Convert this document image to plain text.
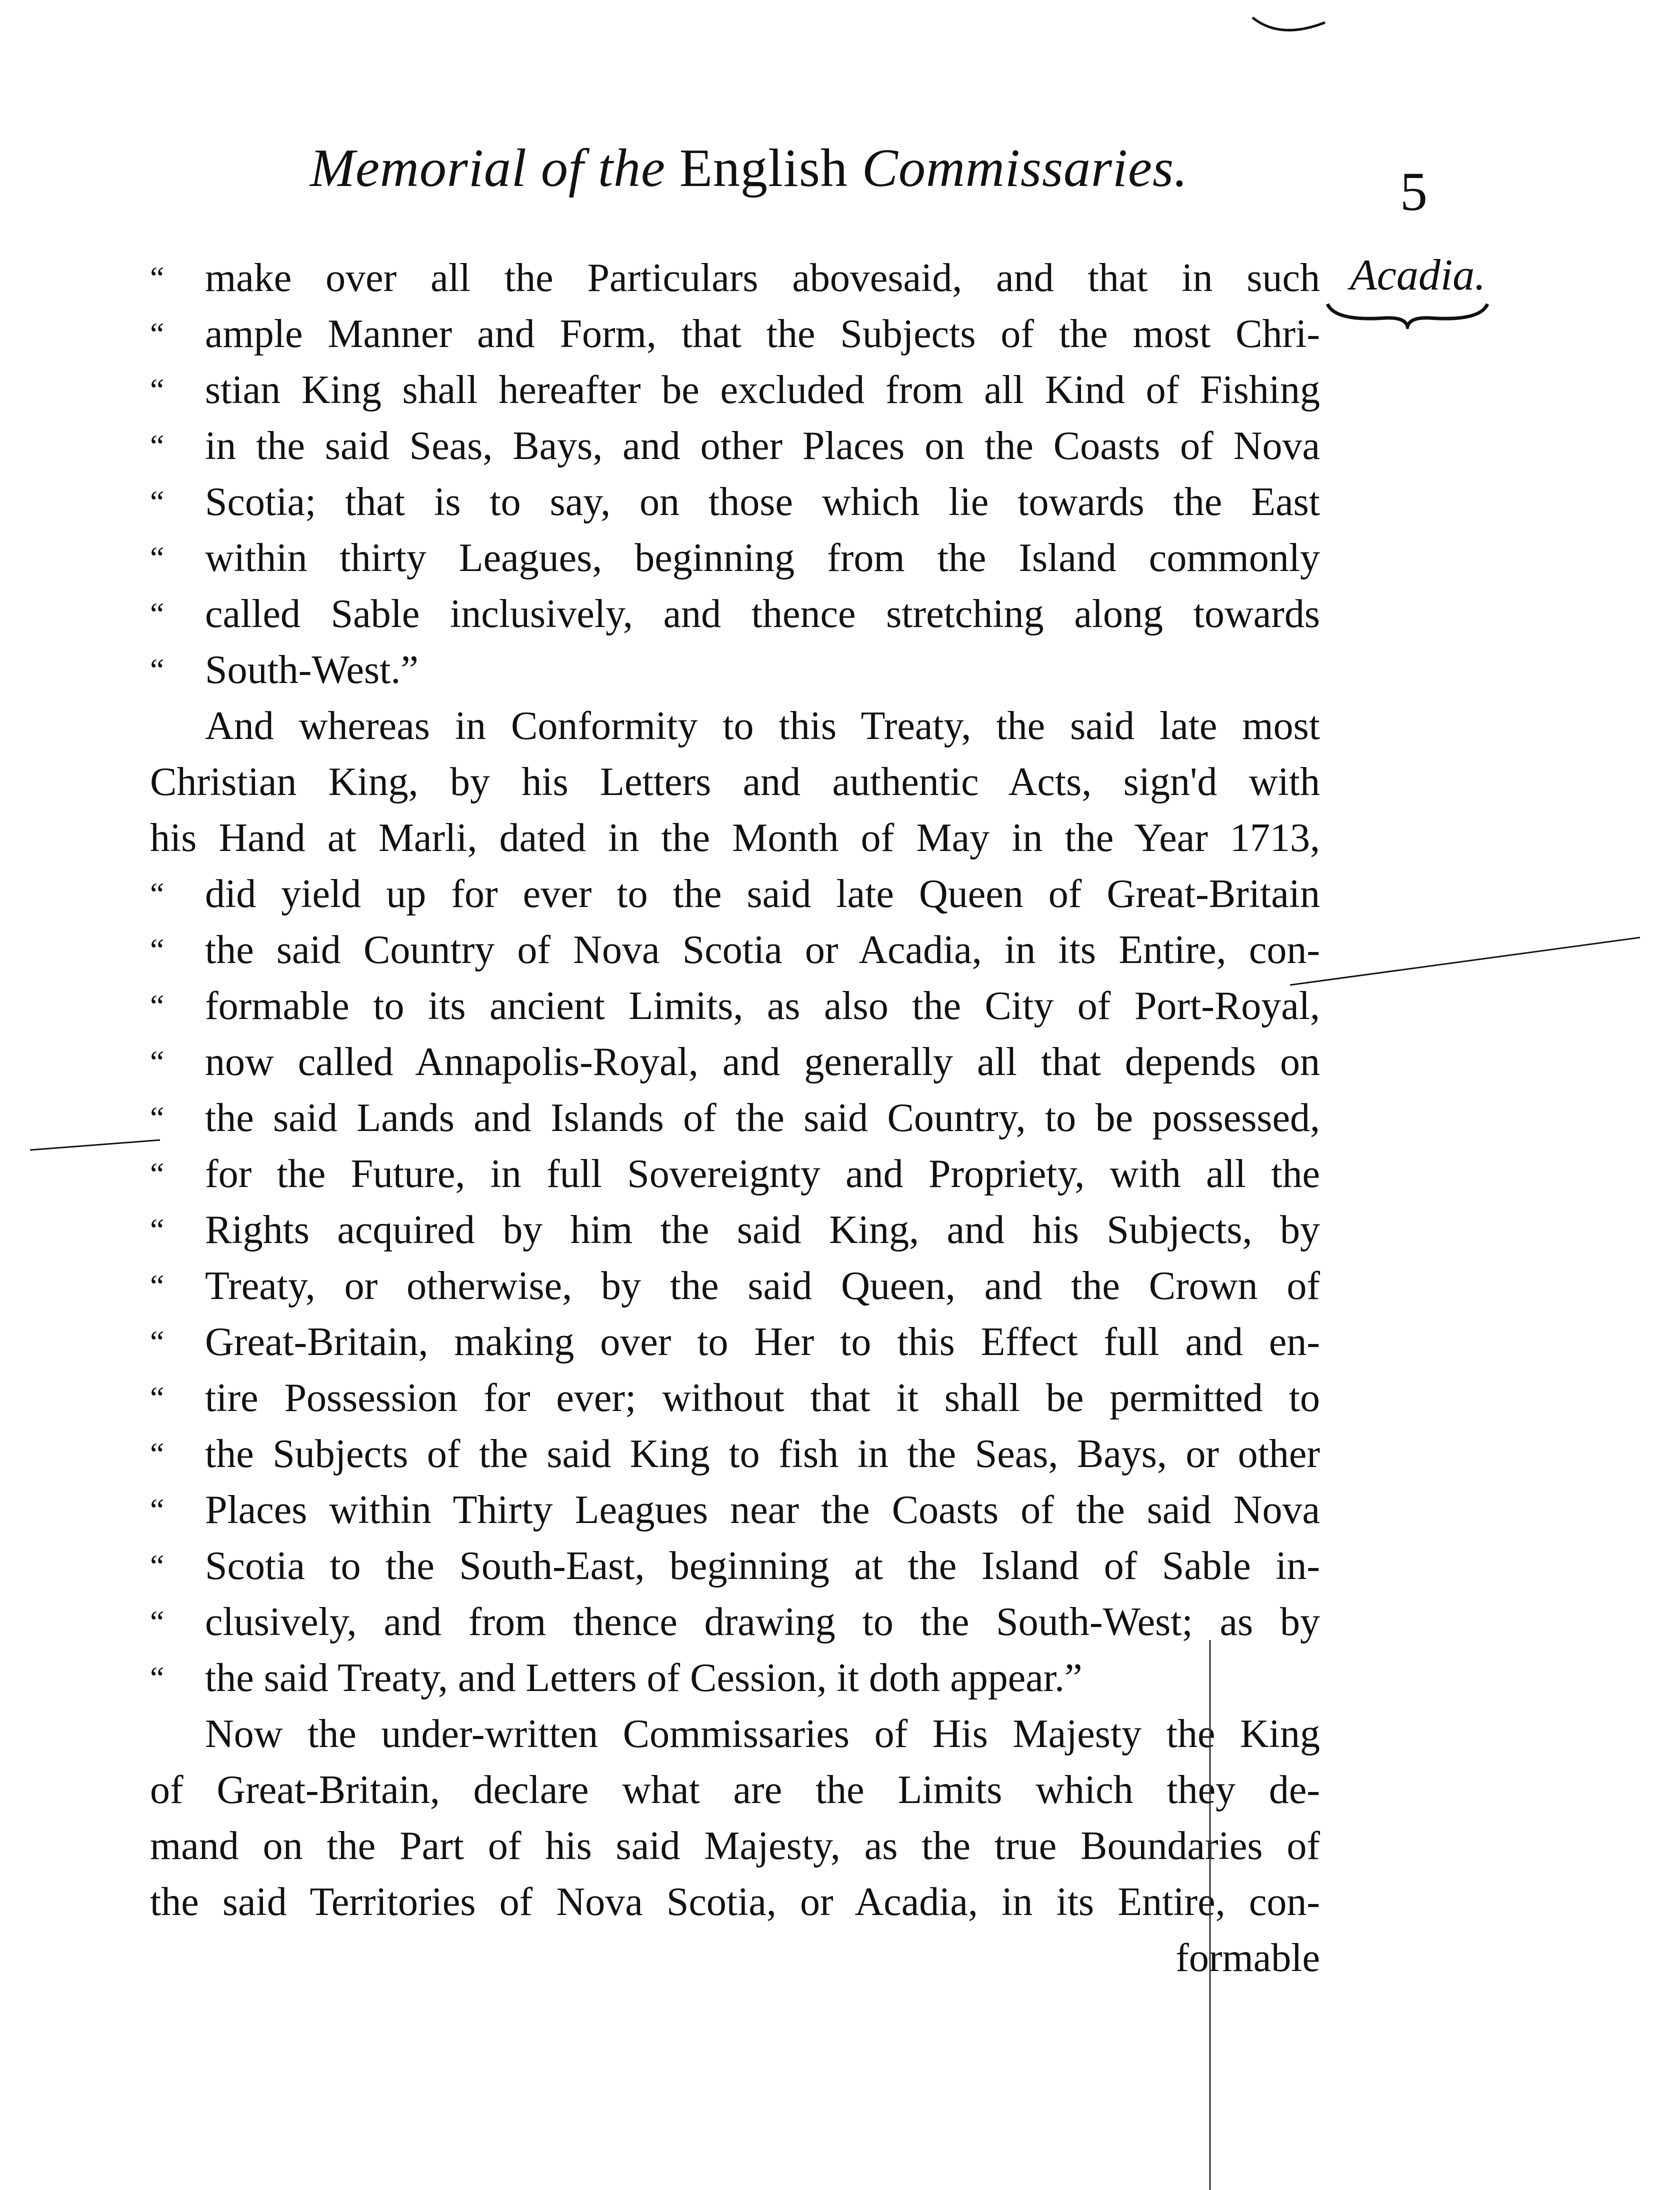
Memorial of the English Commissaries.	5
Acadia.
“ make over all the Particulars abovesaid, and that in such
“ ample Manner and Form, that the Subjects of the most Chri-
“ stian King shall hereafter be excluded from all Kind of Fishing
“ in the said Seas, Bays, and other Places on the Coasts of Nova
“ Scotia; that is to say, on those which lie towards the East
“ within thirty Leagues, beginning from the Island commonly
“ called Sable inclusively, and thence stretching along towards
“ South-West.”
And whereas in Conformity to this Treaty, the said late most
Christian King, by his Letters and authentic Acts, sign'd with
his Hand at Marli, dated in the Month of May in the Year 1713,
“ did yield up for ever to the said late Queen of Great-Britain
“ the said Country of Nova Scotia or Acadia, in its Entire, con-
“ formable to its ancient Limits, as also the City of Port-Royal,
“ now called Annapolis-Royal, and generally all that depends on
“ the said Lands and Islands of the said Country, to be possessed,
“ for the Future, in full Sovereignty and Propriety, with all the
“ Rights acquired by him the said King, and his Subjects, by
“ Treaty, or otherwise, by the said Queen, and the Crown of
“ Great-Britain, making over to Her to this Effect full and en-
“ tire Possession for ever; without that it shall be permitted to
“ the Subjects of the said King to fish in the Seas, Bays, or other
“ Places within Thirty Leagues near the Coasts of the said Nova
“ Scotia to the South-East, beginning at the Island of Sable in-
“ clusively, and from thence drawing to the South-West; as by
“ the said Treaty, and Letters of Cession, it doth appear.”
Now the under-written Commissaries of His Majesty the King
of Great-Britain, declare what are the Limits which they de-
mand on the Part of his said Majesty, as the true Boundaries of
the said Territories of Nova Scotia, or Acadia, in its Entire, con-
formable
